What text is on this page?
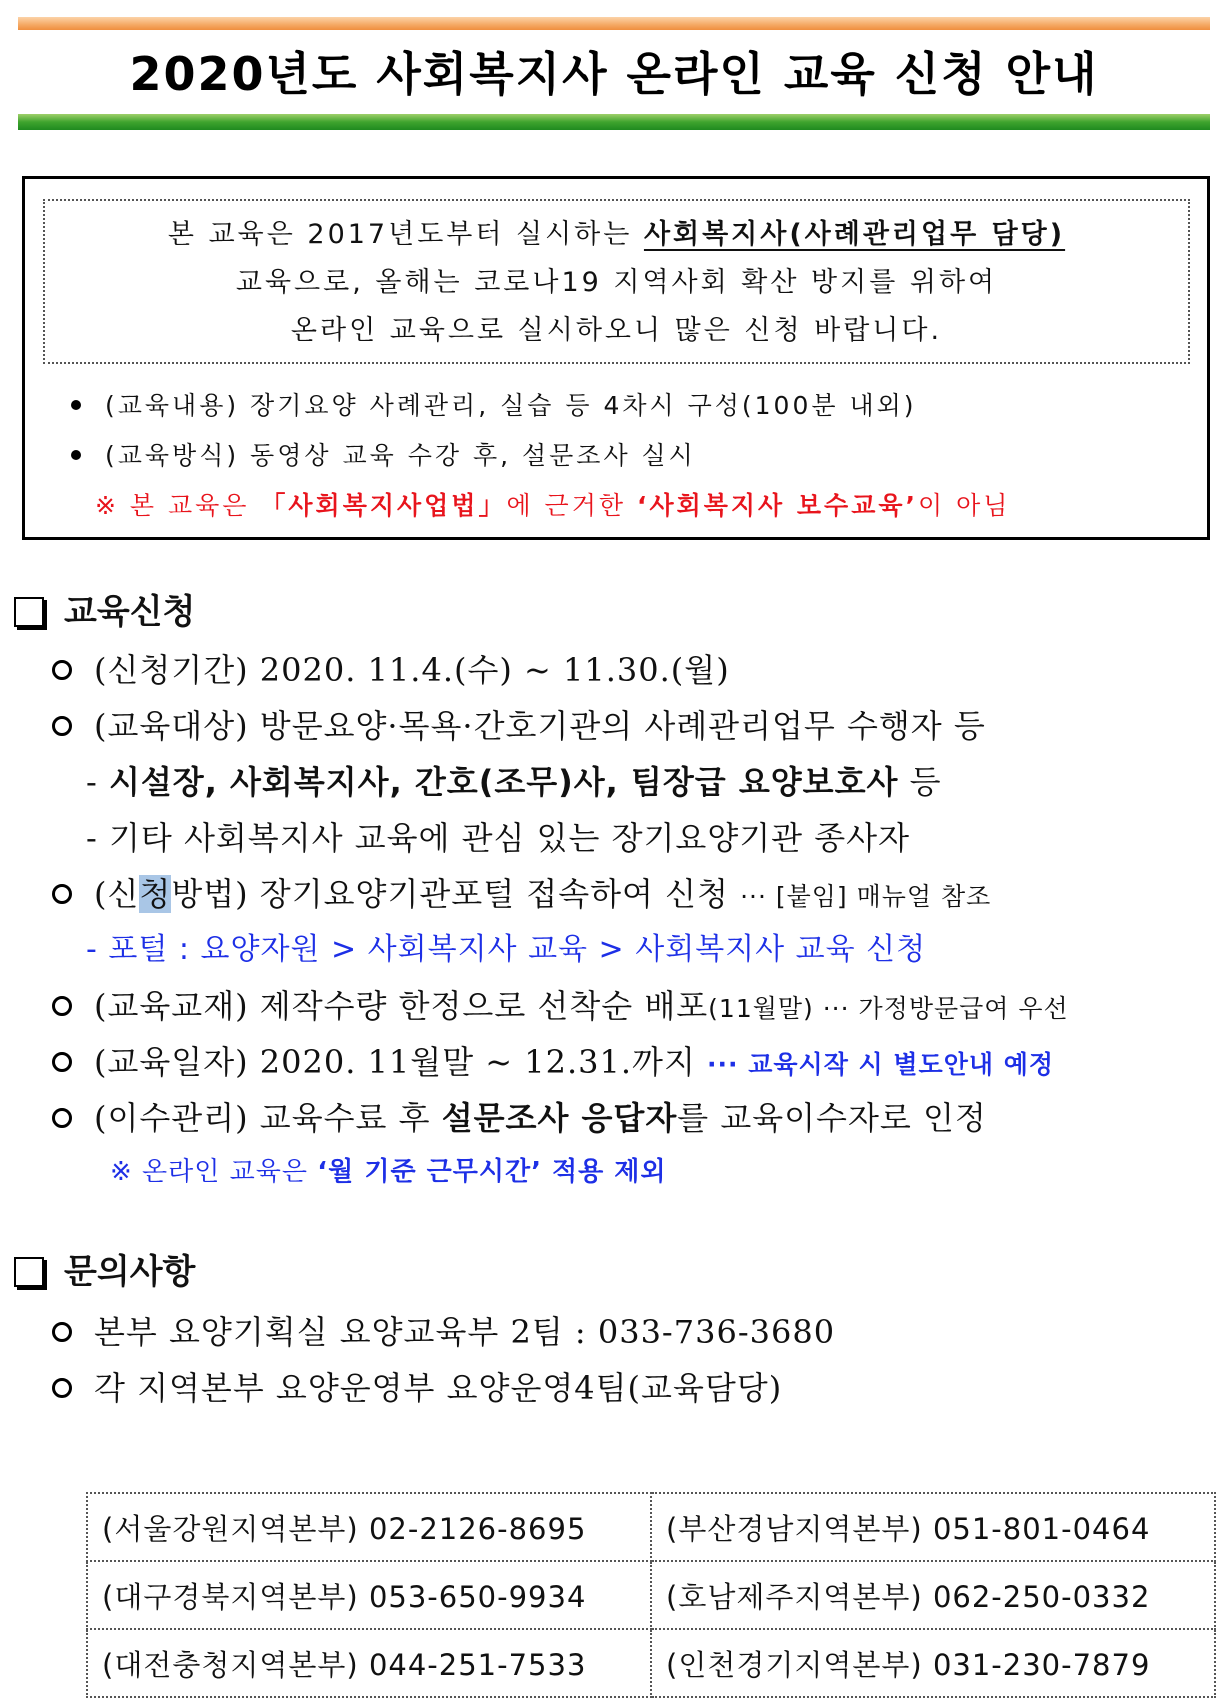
2020년도 사회복지사 온라인 교육 신청 안내
본 교육은 2017년도부터 실시하는 사회복지사(사례관리업무 담당)
교육으로, 올해는 코로나19 지역사회 확산 방지를 위하여
온라인 교육으로 실시하오니 많은 신청 바랍니다.
(교육내용) 장기요양 사례관리, 실습 등 4차시 구성(100분 내외)
(교육방식) 동영상 교육 수강 후, 설문조사 실시
※ 본 교육은 「사회복지사업법」에 근거한 ‘사회복지사 보수교육’이 아님
교육신청
(신청기간) 2020. 11.4.(수) ~ 11.30.(월)
(교육대상) 방문요양·목욕·간호기관의 사례관리업무 수행자 등
- 시설장, 사회복지사, 간호(조무)사, 팀장급 요양보호사 등
- 기타 사회복지사 교육에 관심 있는 장기요양기관 종사자
(신청방법) 장기요양기관포털 접속하여 신청 ··· [붙임] 매뉴얼 참조
- 포털 : 요양자원 > 사회복지사 교육 > 사회복지사 교육 신청
(교육교재) 제작수량 한정으로 선착순 배포(11월말) ··· 가정방문급여 우선
(교육일자) 2020. 11월말 ~ 12.31.까지 ··· 교육시작 시 별도안내 예정
(이수관리) 교육수료 후 설문조사 응답자를 교육이수자로 인정
※ 온라인 교육은 ‘월 기준 근무시간’ 적용 제외
문의사항
본부 요양기획실 요양교육부 2팀 : 033-736-3680
각 지역본부 요양운영부 요양운영4팀(교육담당)
(서울강원지역본부) 02-2126-8695	(부산경남지역본부) 051-801-0464
(대구경북지역본부) 053-650-9934	(호남제주지역본부) 062-250-0332
(대전충청지역본부) 044-251-7533	(인천경기지역본부) 031-230-7879
